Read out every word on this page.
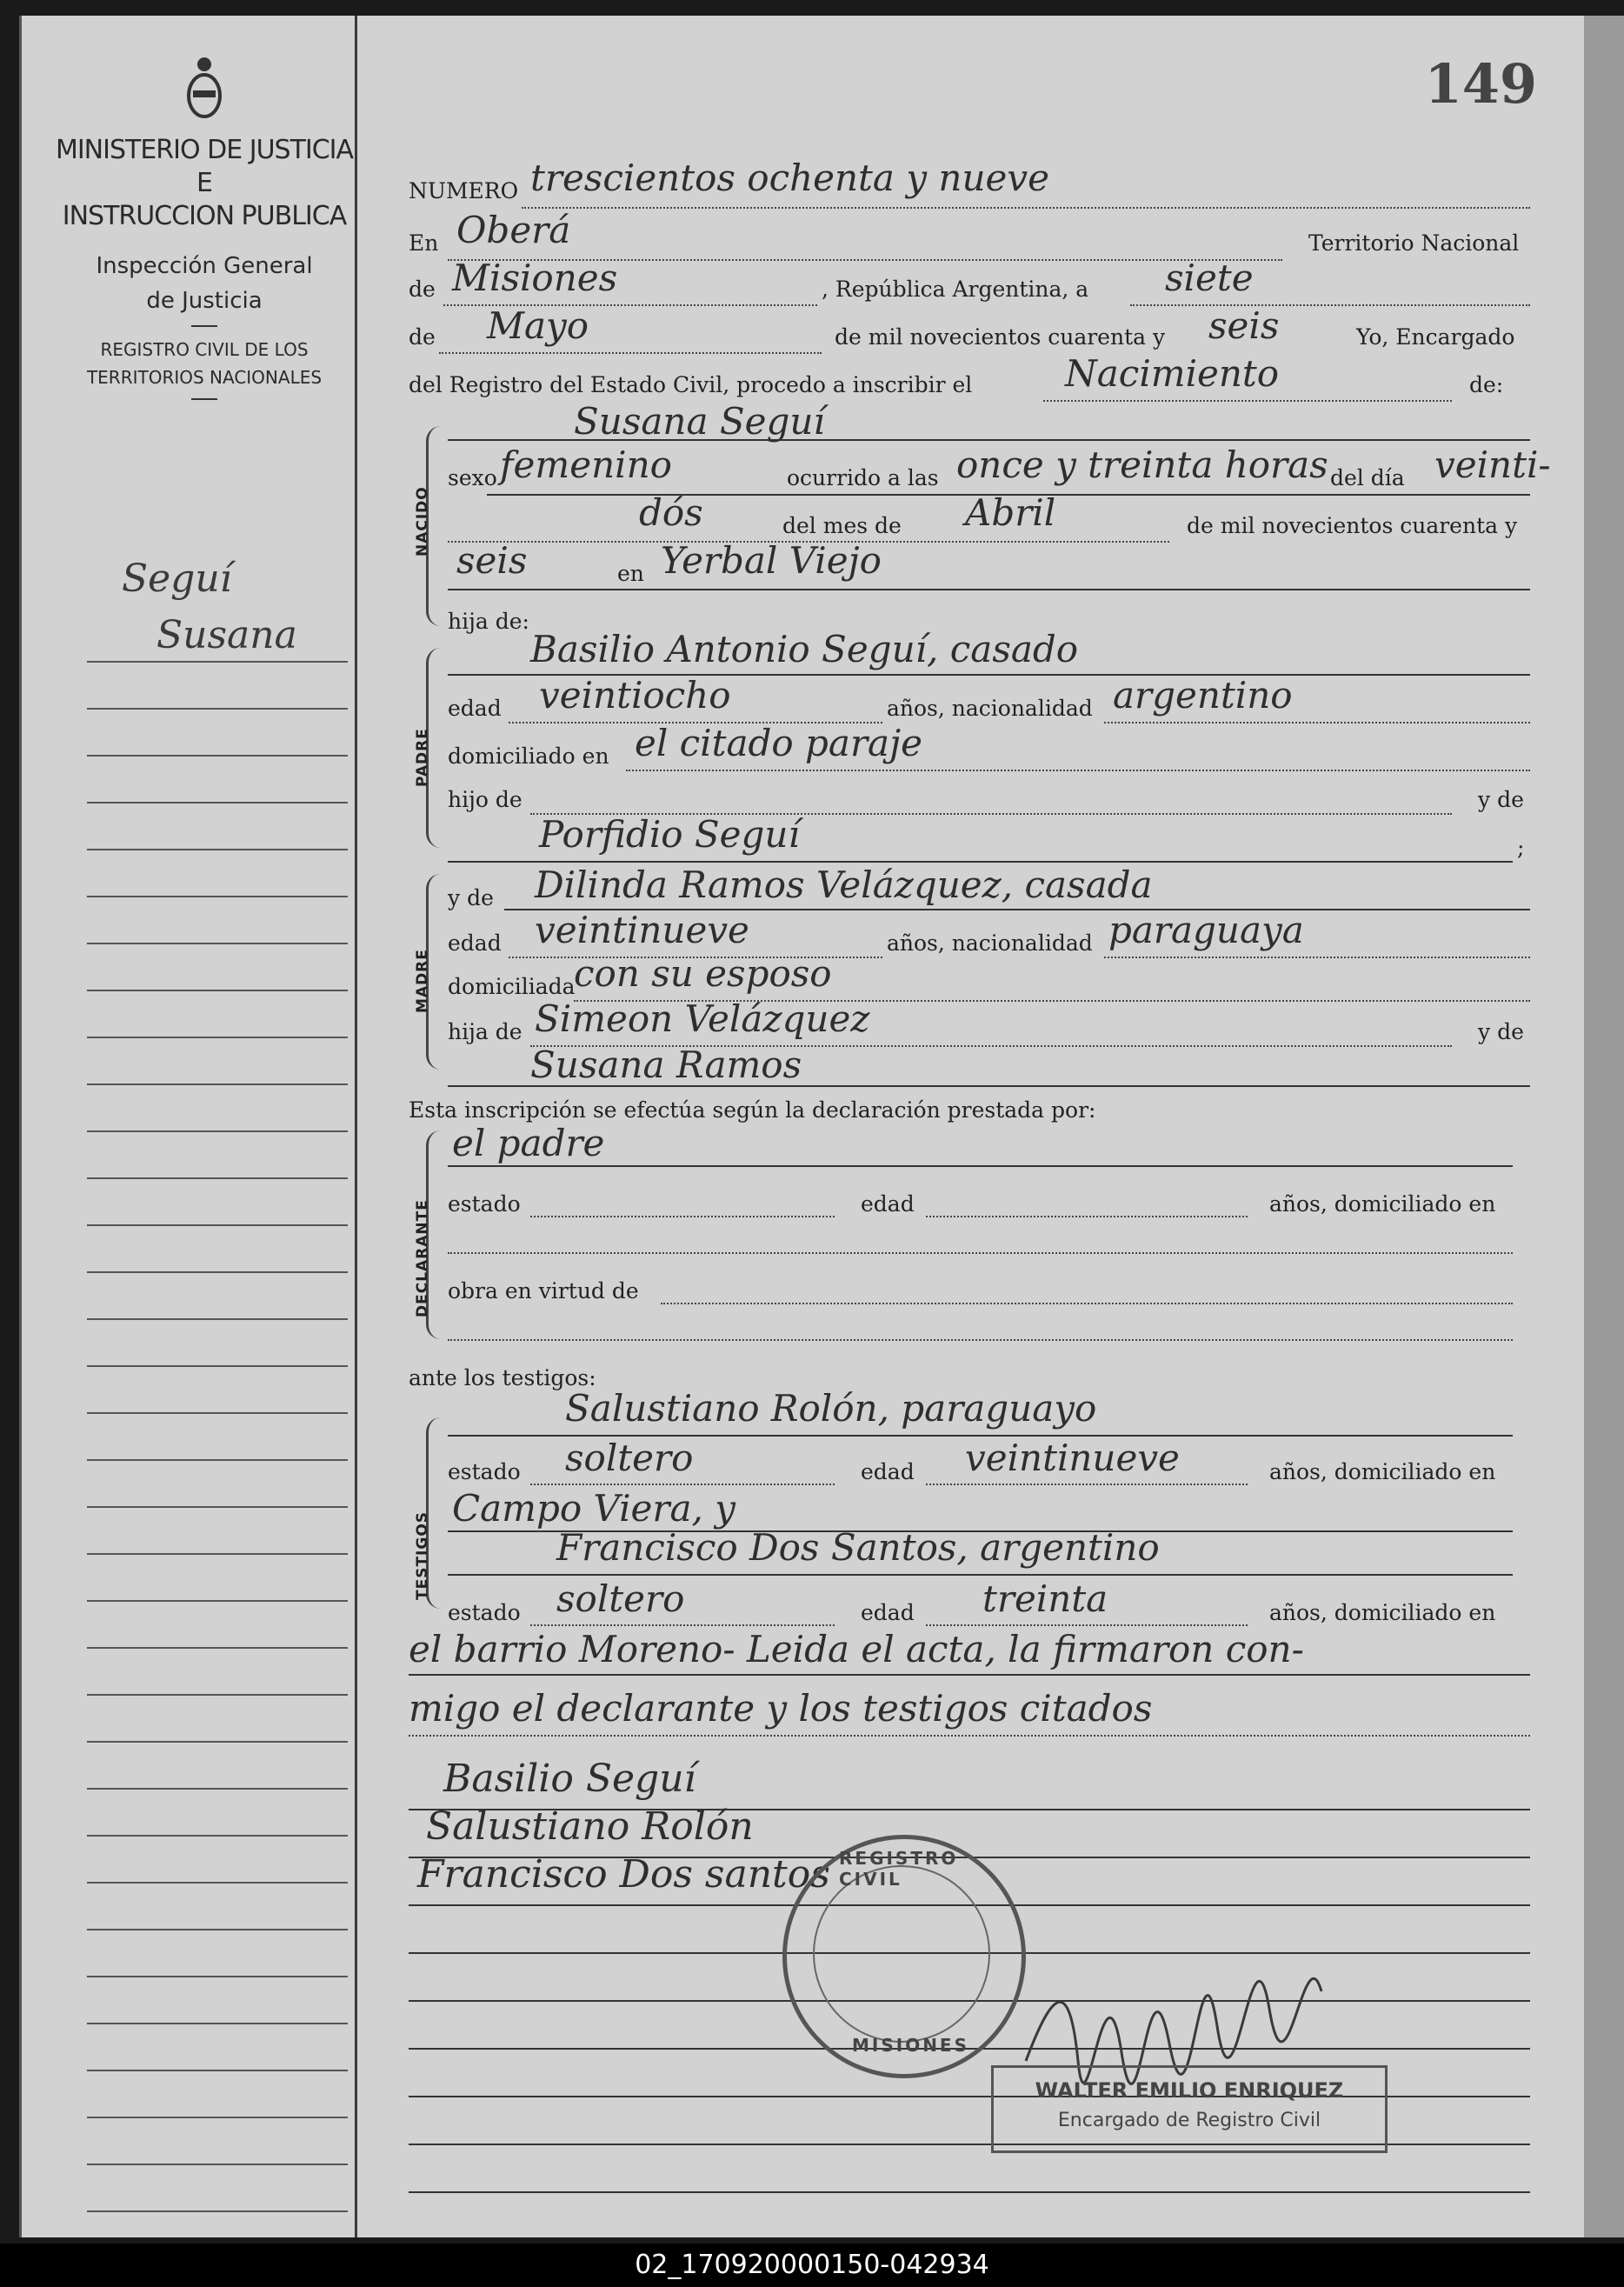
149
MINISTERIO DE JUSTICIA
E
INSTRUCCION PUBLICA
Inspección General
de Justicia
REGISTRO CIVIL DE LOS
TERRITORIOS NACIONALES
Seguí
Susana
NUMERO trescientos ochenta y nueve
En Oberá	Territorio Nacional
de Misiones	, República Argentina, a siete
de Mayo	de mil novecientos cuarenta y seis	Yo, Encargado
del Registro del Estado Civil, procedo a inscribir el	Nacimiento	de:
NACIDO
Susana Seguí
sexo femenino	ocurrido a las once y treinta horas del día veinti-
dós	del mes de Abril	de mil novecientos cuarenta y
seis	en Yerbal Viejo
hija de:
PADRE
Basilio Antonio Seguí, casado
edad veintiocho	años, nacionalidad argentino
domiciliado en el citado paraje
hijo de	y de
Porfidio Seguí	;
MADRE
y de Dilinda Ramos Velázquez, casada
edad veintinueve	años, nacionalidad paraguaya
domiciliada
con su esposo
hija de Simeon Velázquez	y de
Susana Ramos
Esta inscripción se efectúa según la declaración prestada por:
DECLARANTE
el padre
estado	edad	años, domiciliado en
obra en virtud de
ante los testigos:
TESTIGOS
Salustiano Rolón, paraguayo
estado soltero	edad veintinueve	años, domiciliado en
Campo Viera, y
Francisco Dos Santos, argentino
estado soltero	edad treinta	años, domiciliado en
el barrio Moreno- Leida el acta, la firmaron con-
migo el declarante y los testigos citados
Basilio Seguí
Salustiano Rolón
Francisco Dos santos REGISTRO CIVIL
MISIONES
WALTER EMILIO ENRIQUEZ
Encargado de Registro Civil
02_170920000150-042934
